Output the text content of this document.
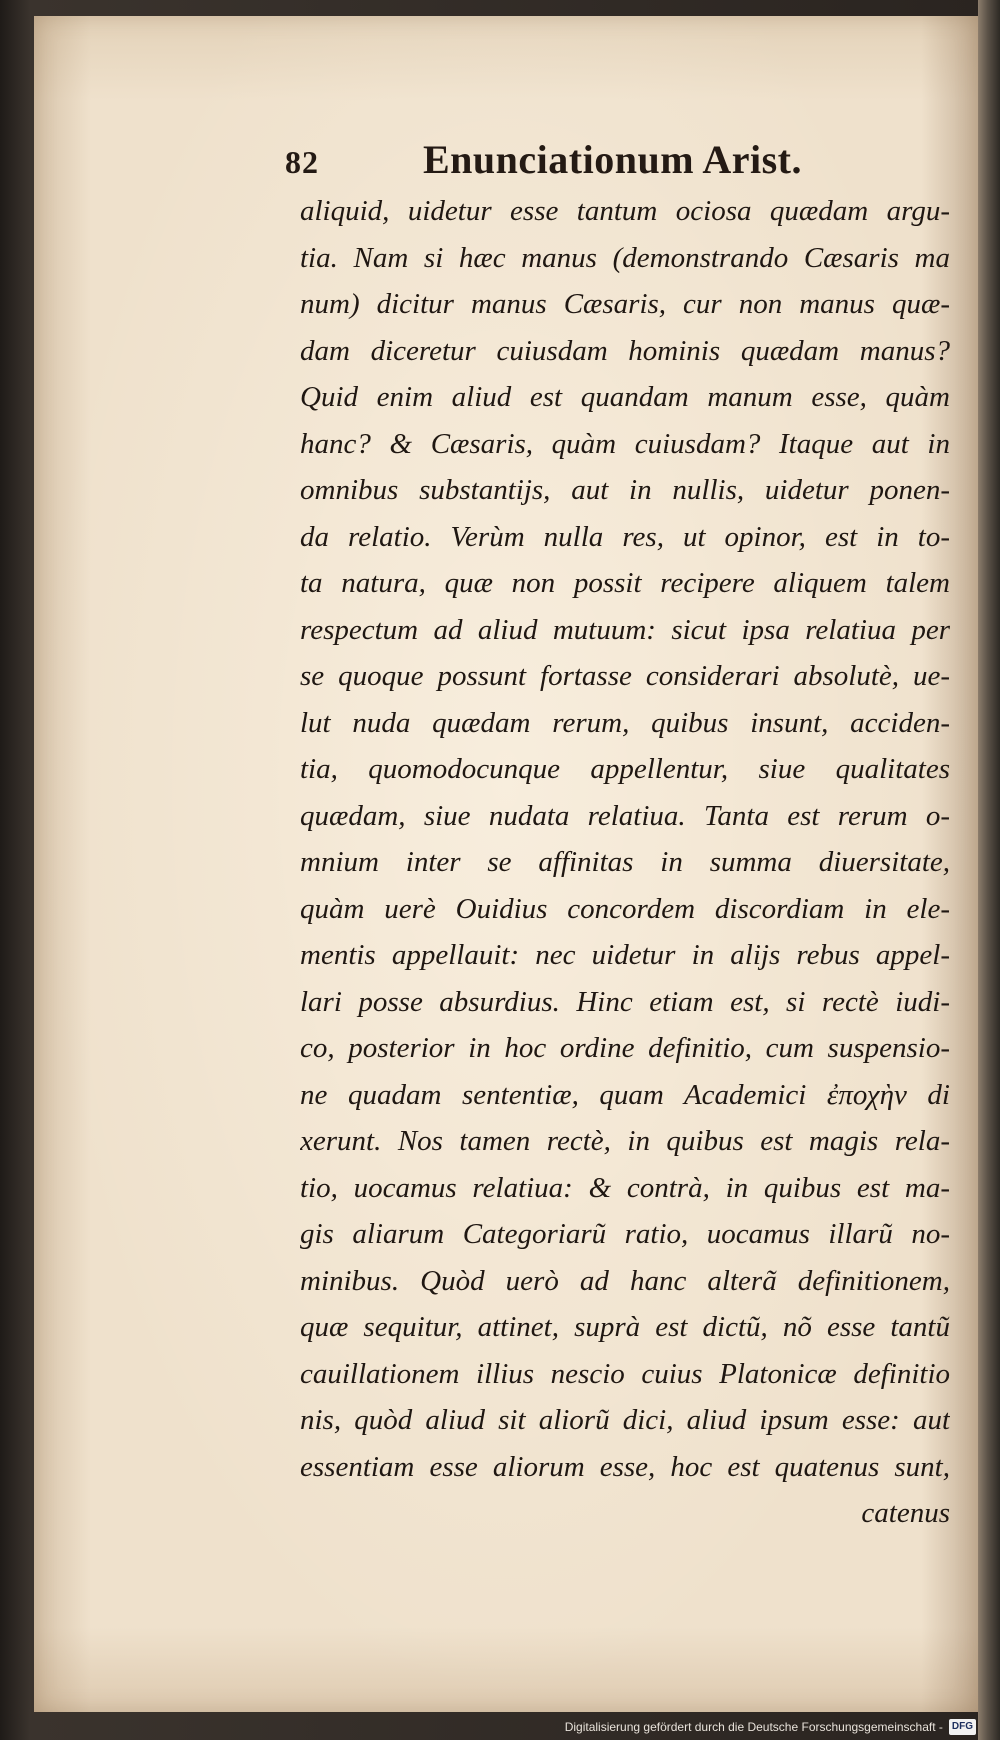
82	Enunciationum Arist.
aliquid, uidetur esse tantum ociosa quædam argu-
tia. Nam si hæc manus (demonstrando Cæsaris ma
num) dicitur manus Cæsaris, cur non manus quæ-
dam diceretur cuiusdam hominis quædam manus?
Quid enim aliud est quandam manum esse, quàm
hanc? & Cæsaris, quàm cuiusdam? Itaque aut in
omnibus substantijs, aut in nullis, uidetur ponen-
da relatio. Verùm nulla res, ut opinor, est in to-
ta natura, quæ non possit recipere aliquem talem
respectum ad aliud mutuum: sicut ipsa relatiua per
se quoque possunt fortasse considerari absolutè, ue-
lut nuda quædam rerum, quibus insunt, acciden-
tia, quomodocunque appellentur, siue qualitates
quædam, siue nudata relatiua. Tanta est rerum o-
mnium inter se affinitas in summa diuersitate,
quàm uerè Ouidius concordem discordiam in ele-
mentis appellauit: nec uidetur in alijs rebus appel-
lari posse absurdius. Hinc etiam est, si rectè iudi-
co, posterior in hoc ordine definitio, cum suspensio-
ne quadam sententiæ, quam Academici ἐποχὴν di
xerunt. Nos tamen rectè, in quibus est magis rela-
tio, uocamus relatiua: & contrà, in quibus est ma-
gis aliarum Categoriarũ ratio, uocamus illarũ no-
minibus. Quòd uerò ad hanc alterã definitionem,
quæ sequitur, attinet, suprà est dictũ, nõ esse tantũ
cauillationem illius nescio cuius Platonicæ definitio
nis, quòd aliud sit aliorũ dici, aliud ipsum esse: aut
essentiam esse aliorum esse, hoc est quatenus sunt,
catenus
Digitalisierung gefördert durch die Deutsche Forschungsgemeinschaft - DFG
